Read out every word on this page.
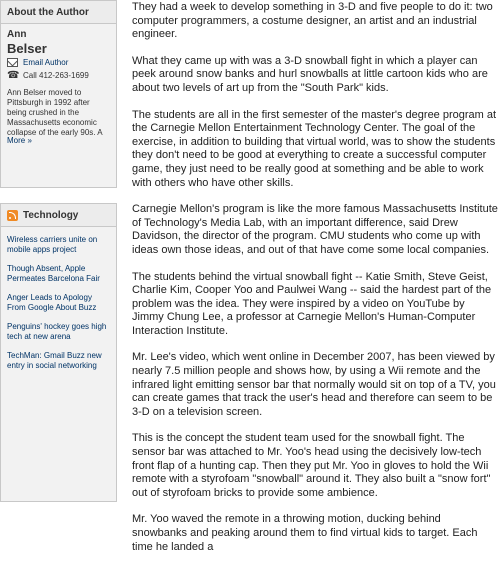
About the Author
Ann
Belser
Email Author
☎ Call 412-263-1699
Ann Belser moved to Pittsburgh in 1992 after being crushed in the Massachusetts economic collapse of the early 90s. A
More »
Technology
Wireless carriers unite on mobile apps project
Though Absent, Apple Permeates Barcelona Fair
Anger Leads to Apology From Google About Buzz
Penguins' hockey goes high tech at new arena
TechMan: Gmail Buzz new entry in social networking

They had a week to develop something in 3-D and five people to do it: two computer programmers, a costume designer, an artist and an industrial engineer.

What they came up with was a 3-D snowball fight in which a player can peek around snow banks and hurl snowballs at little cartoon kids who are about two levels of art up from the "South Park" kids.

The students are all in the first semester of the master's degree program at the Carnegie Mellon Entertainment Technology Center. The goal of the exercise, in addition to building that virtual world, was to show the students they don't need to be good at everything to create a successful computer game, they just need to be really good at something and be able to work with others who have other skills.

Carnegie Mellon's program is like the more famous Massachusetts Institute of Technology's Media Lab, with an important difference, said Drew Davidson, the director of the program. CMU students who come up with ideas own those ideas, and out of that have come some local companies.

The students behind the virtual snowball fight -- Katie Smith, Steve Geist, Charlie Kim, Cooper Yoo and Paulwei Wang -- said the hardest part of the problem was the idea. They were inspired by a video on YouTube by Jimmy Chung Lee, a professor at Carnegie Mellon's Human-Computer Interaction Institute.

Mr. Lee's video, which went online in December 2007, has been viewed by nearly 7.5 million people and shows how, by using a Wii remote and the infrared light emitting sensor bar that normally would sit on top of a TV, you can create games that track the user's head and therefore can seem to be 3-D on a television screen.

This is the concept the student team used for the snowball fight. The sensor bar was attached to Mr. Yoo's head using the decisively low-tech front flap of a hunting cap. Then they put Mr. Yoo in gloves to hold the Wii remote with a styrofoam "snowball" around it. They also built a "snow fort" out of styrofoam bricks to provide some ambience.

Mr. Yoo waved the remote in a throwing motion, ducking behind snowbanks and peaking around them to find virtual kids to target. Each time he landed a
